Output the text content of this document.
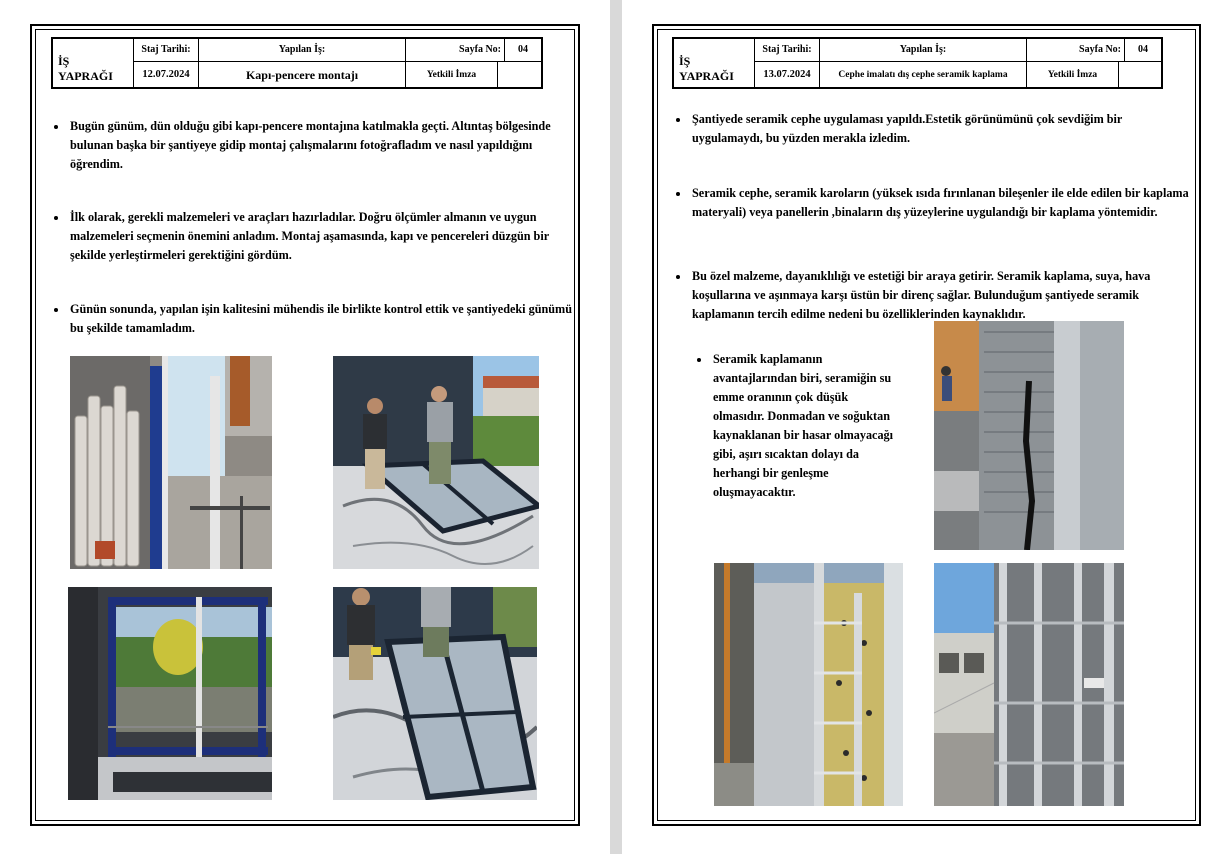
İŞ
YAPRAĞI	Staj Tarihi:	Yapılan İş:	Sayfa No:		04
	12.07.2024	Kapı-pencere montajı	Yetkili İmza		
• Bugün günüm, dün olduğu gibi kapı-pencere montajına katılmakla geçti. Altıntaş bölgesinde bulunan başka bir şantiyeye gidip montaj çalışmalarını fotoğrafladım ve nasıl yapıldığını öğrendim.
• İlk olarak, gerekli malzemeleri ve araçları hazırladılar. Doğru ölçümler almanın ve uygun malzemeleri seçmenin önemini anladım. Montaj aşamasında, kapı ve pencereleri düzgün bir şekilde yerleştirmeleri gerektiğini gördüm.
• Günün sonunda, yapılan işin kalitesini mühendis ile birlikte kontrol ettik ve şantiyedeki günümü bu şekilde tamamladım.
İŞ
YAPRAĞI	Staj Tarihi:	Yapılan İş:	Sayfa No:		04
	13.07.2024	Cephe imalatı dış cephe seramik kaplama	Yetkili İmza		
• Şantiyede seramik cephe uygulaması yapıldı.Estetik görünümünü çok sevdiğim bir uygulamaydı, bu yüzden merakla izledim.
• Seramik cephe, seramik karoların (yüksek ısıda fırınlanan bileşenler ile elde edilen bir kaplama materyali) veya panellerin ,binaların dış yüzeylerine uygulandığı bir kaplama yöntemidir.
• Bu özel malzeme, dayanıklılığı ve estetiği bir araya getirir. Seramik kaplama, suya, hava koşullarına ve aşınmaya karşı üstün bir direnç sağlar. Bulunduğum şantiyede seramik kaplamanın tercih edilme nedeni bu özelliklerinden kaynaklıdır.
• Seramik kaplamanın avantajlarından biri, seramiğin su emme oranının çok düşük olmasıdır. Donmadan ve soğuktan kaynaklanan bir hasar olmayacağı gibi, aşırı sıcaktan dolayı da herhangi bir genleşme oluşmayacaktır.
